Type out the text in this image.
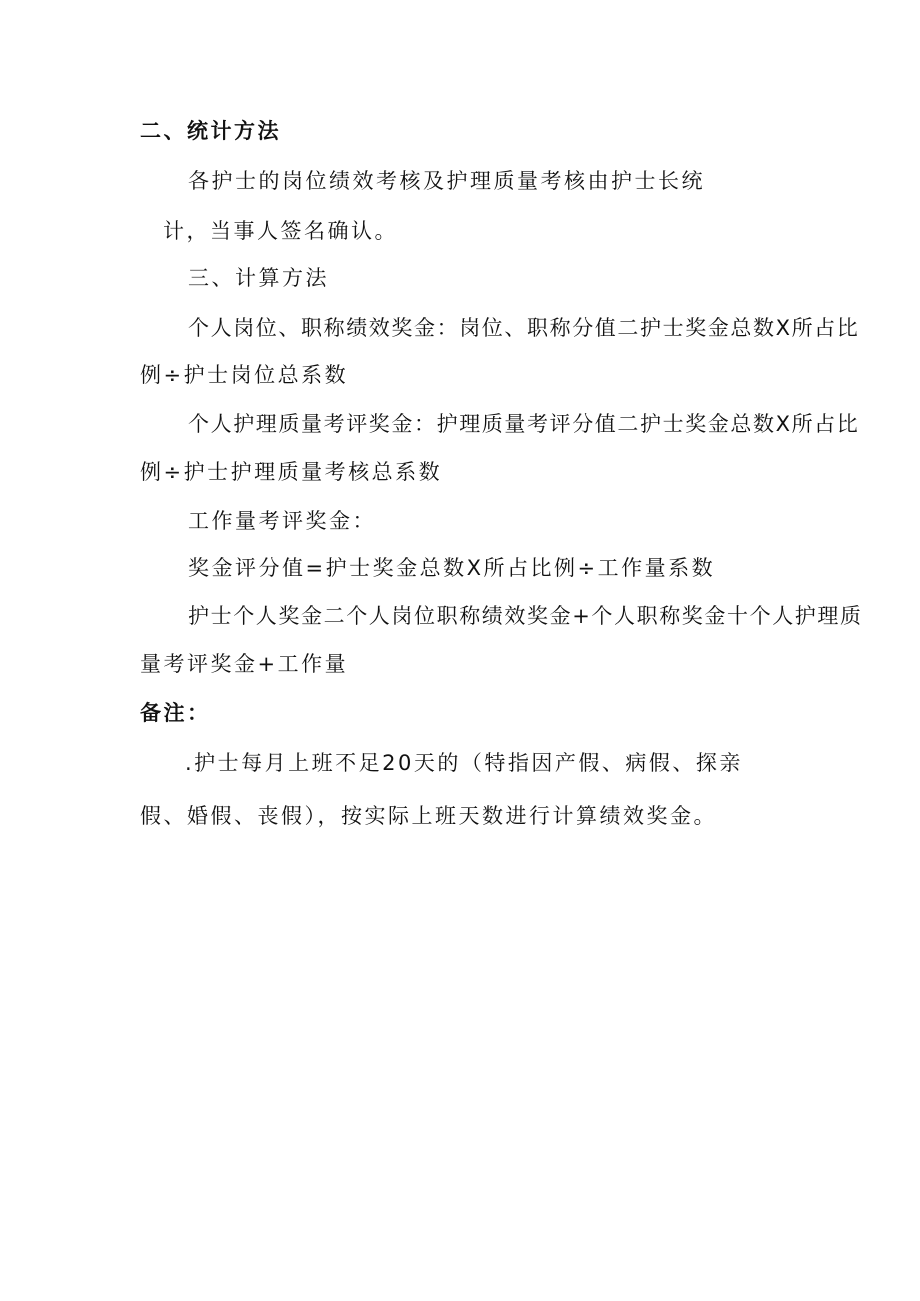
二、统计方法
各护士的岗位绩效考核及护理质量考核由护士长统
计，当事人签名确认。
三、计算方法
个人岗位、职称绩效奖金：岗位、职称分值二护士奖金总数X所占比
例÷护士岗位总系数
个人护理质量考评奖金：护理质量考评分值二护士奖金总数X所占比
例÷护士护理质量考核总系数
工作量考评奖金：
奖金评分值=护士奖金总数X所占比例÷工作量系数
护士个人奖金二个人岗位职称绩效奖金+个人职称奖金十个人护理质
量考评奖金+工作量
备注：
.护士每月上班不足20天的（特指因产假、病假、探亲
假、婚假、丧假），按实际上班天数进行计算绩效奖金。
